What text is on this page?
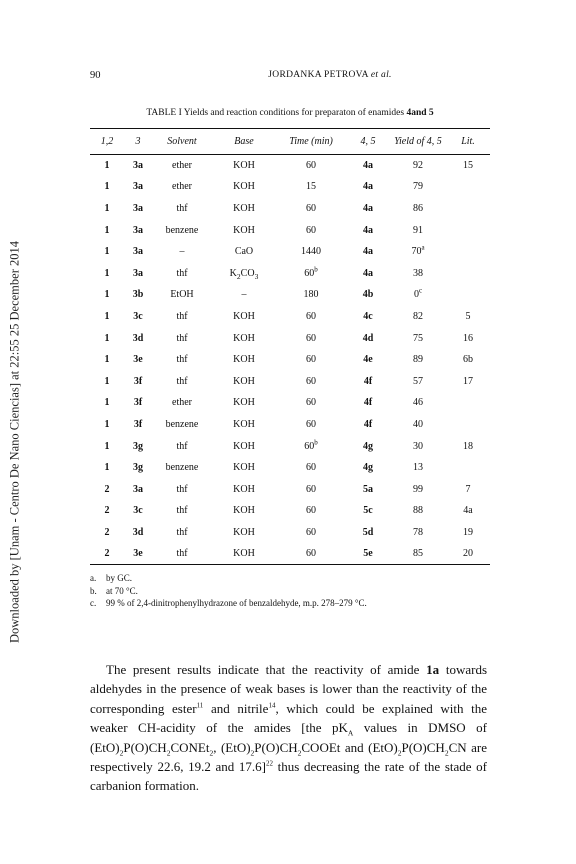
Downloaded by [Unam - Centro De Nano Ciencias] at 22:55 25 December 2014
90	JORDANKA PETROVA et al.
TABLE I Yields and reaction conditions for preparaton of enamides 4and 5
1,2	3	Solvent	Base	Time (min)	4, 5	Yield of 4, 5	Lit.
1	3a	ether	KOH	60	4a	92	15
1	3a	ether	KOH	15	4a	79	
1	3a	thf	KOH	60	4a	86	
1	3a	benzene	KOH	60	4a	91	
1	3a	–	CaO	1440	4a	70$^a$	
1	3a	thf	$K_2CO_3$	60$^b$	4a	38	
1	3b	EtOH	–	180	4b	0$^c$	
1	3c	thf	KOH	60	4c	82	5
1	3d	thf	KOH	60	4d	75	16
1	3e	thf	KOH	60	4e	89	6b
1	3f	thf	KOH	60	4f	57	17
1	3f	ether	KOH	60	4f	46	
1	3f	benzene	KOH	60	4f	40	
1	3g	thf	KOH	60$^b$	4g	30	18
1	3g	benzene	KOH	60	4g	13	
2	3a	thf	KOH	60	5a	99	7
2	3c	thf	KOH	60	5c	88	4a
2	3d	thf	KOH	60	5d	78	19
2	3e	thf	KOH	60	5e	85	20
a.	by GC.
b.	at 70 °C.
c.	99 % of 2,4-dinitrophenylhydrazone of benzaldehyde, m.p. 278–279 °C.

The present results indicate that the reactivity of amide 1a towards aldehydes in the presence of weak bases is lower than the reactivity of the corresponding ester$^{11}$ and nitrile$^{14}$, which could be explained with the weaker CH-acidity of the amides [the $pK_A$ values in DMSO of $(EtO)_2P(O)CH_2CONEt_2$, $(EtO)_2P(O)CH_2COOEt$ and $(EtO)_2P(O)CH_2CN$ are respectively 22.6, 19.2 and 17.6]$^{22}$ thus decreasing the rate of the stade of carbanion formation.
